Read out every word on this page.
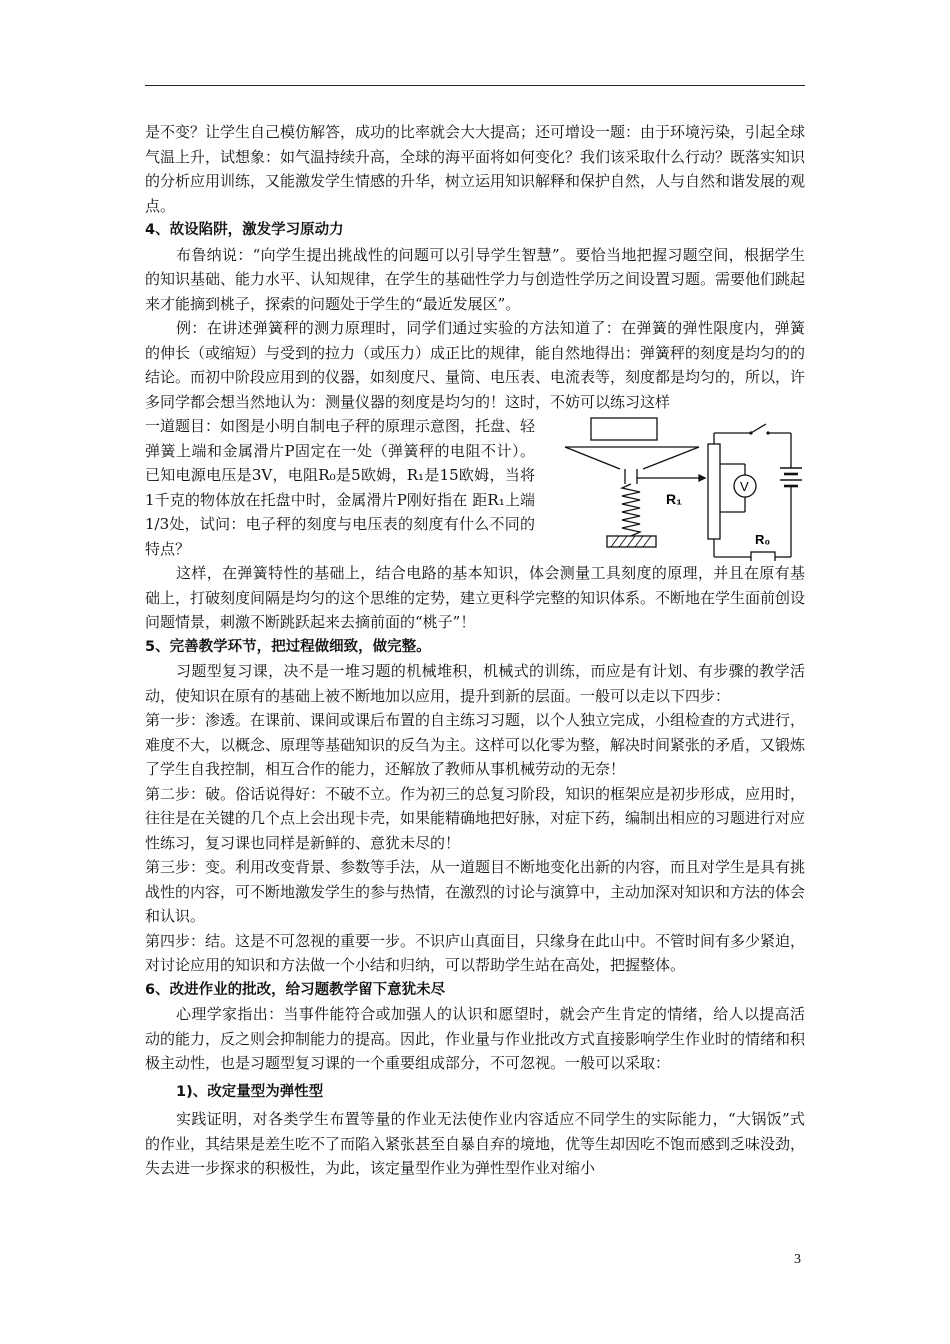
是不变？让学生自己模仿解答，成功的比率就会大大提高；还可增设一题：由于环境污染，引起全球气温上升，试想象：如气温持续升高，全球的海平面将如何变化？我们该采取什么行动？既落实知识的分析应用训练，又能激发学生情感的升华，树立运用知识解释和保护自然，人与自然和谐发展的观点。

4、故设陷阱，激发学习原动力

布鲁纳说：“向学生提出挑战性的问题可以引导学生智慧”。要恰当地把握习题空间，根据学生的知识基础、能力水平、认知规律，在学生的基础性学力与创造性学历之间设置习题。需要他们跳起来才能摘到桃子，探索的问题处于学生的“最近发展区”。

例：在讲述弹簧秤的测力原理时，同学们通过实验的方法知道了：在弹簧的弹性限度内，弹簧的伸长（或缩短）与受到的拉力（或压力）成正比的规律，能自然地得出：弹簧秤的刻度是均匀的的结论。而初中阶段应用到的仪器，如刻度尺、量筒、电压表、电流表等，刻度都是均匀的，所以，许多同学都会想当然地认为：测量仪器的刻度是均匀的！这时，不妨可以练习这样

一道题目：如图是小明自制电子秤的原理示意图，托盘、轻弹簧上端和金属滑片P固定在一处（弹簧秤的电阻不计）。已知电源电压是3V，电阻R₀是5欧姆，R₁是15欧姆，当将1千克的物体放在托盘中时，金属滑片P刚好指在 距R₁上端1/3处，试问：电子秤的刻度与电压表的刻度有什么不同的特点？

V
R₁
R₀

这样，在弹簧特性的基础上，结合电路的基本知识，体会测量工具刻度的原理，并且在原有基础上，打破刻度间隔是均匀的这个思维的定势，建立更科学完整的知识体系。不断地在学生面前创设问题情景，刺激不断跳跃起来去摘前面的“桃子”！

5、完善教学环节，把过程做细致，做完整。

习题型复习课，决不是一堆习题的机械堆积，机械式的训练，而应是有计划、有步骤的教学活动，使知识在原有的基础上被不断地加以应用，提升到新的层面。一般可以走以下四步：

第一步：渗透。在课前、课间或课后布置的自主练习习题，以个人独立完成，小组检查的方式进行，难度不大，以概念、原理等基础知识的反刍为主。这样可以化零为整，解决时间紧张的矛盾，又锻炼了学生自我控制，相互合作的能力，还解放了教师从事机械劳动的无奈！

第二步：破。俗话说得好：不破不立。作为初三的总复习阶段，知识的框架应是初步形成，应用时，往往是在关键的几个点上会出现卡壳，如果能精确地把好脉，对症下药，编制出相应的习题进行对应性练习，复习课也同样是新鲜的、意犹未尽的！

第三步：变。利用改变背景、参数等手法，从一道题目不断地变化出新的内容，而且对学生是具有挑战性的内容，可不断地激发学生的参与热情，在激烈的讨论与演算中，主动加深对知识和方法的体会和认识。

第四步：结。这是不可忽视的重要一步。不识庐山真面目，只缘身在此山中。不管时间有多少紧迫，对讨论应用的知识和方法做一个小结和归纳，可以帮助学生站在高处，把握整体。

6、改进作业的批改，给习题教学留下意犹未尽

心理学家指出：当事件能符合或加强人的认识和愿望时，就会产生肯定的情绪，给人以提高活动的能力，反之则会抑制能力的提高。因此，作业量与作业批改方式直接影响学生作业时的情绪和积极主动性，也是习题型复习课的一个重要组成部分，不可忽视。一般可以采取：

1)、改定量型为弹性型

实践证明，对各类学生布置等量的作业无法使作业内容适应不同学生的实际能力，“大锅饭”式的作业，其结果是差生吃不了而陷入紧张甚至自暴自弃的境地，优等生却因吃不饱而感到乏味没劲，失去进一步探求的积极性，为此，该定量型作业为弹性型作业对缩小

3
